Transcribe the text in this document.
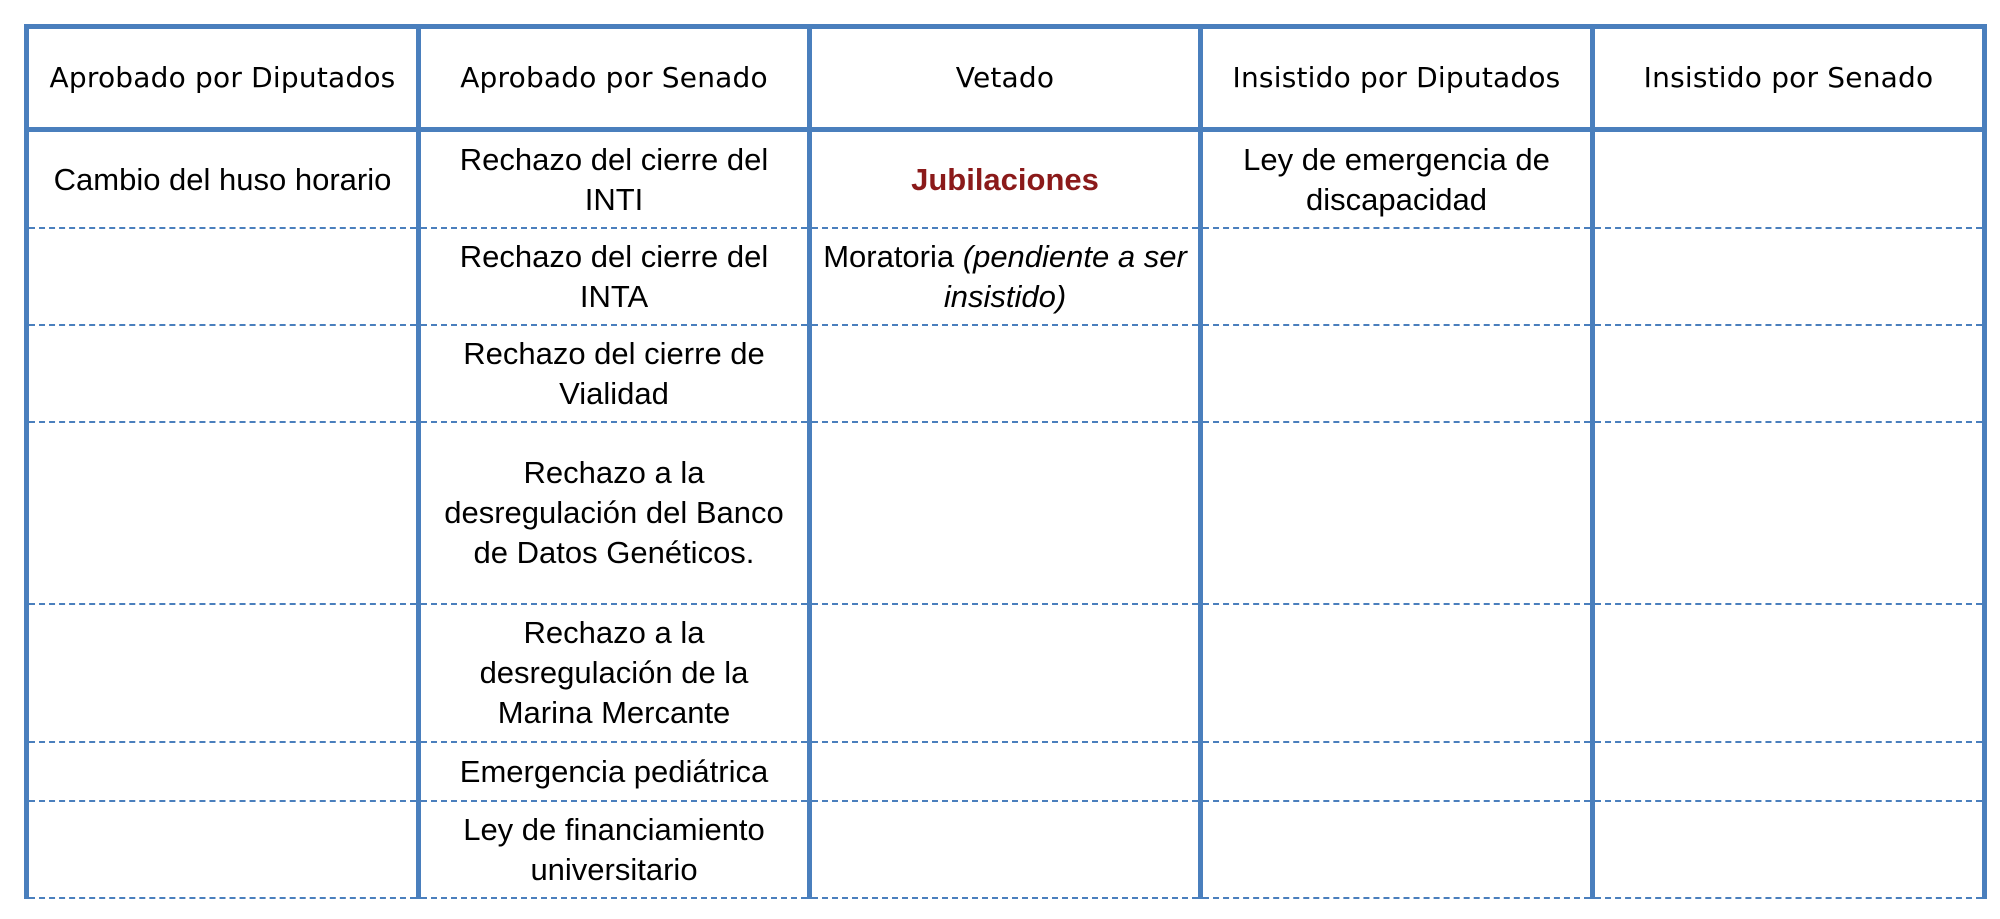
Aprobado por Diputados	Aprobado por Senado	Vetado	Insistido por Diputados	Insistido por Senado
Cambio del huso horario	Rechazo del cierre del INTI	Jubilaciones	Ley de emergencia de discapacidad	
	Rechazo del cierre del INTA	Moratoria (pendiente a ser insistido)		
	Rechazo del cierre de Vialidad			
	Rechazo a la desregulación del Banco de Datos Genéticos.			
	Rechazo a la desregulación de la Marina Mercante			
	Emergencia pediátrica			
	Ley de financiamiento universitario			
